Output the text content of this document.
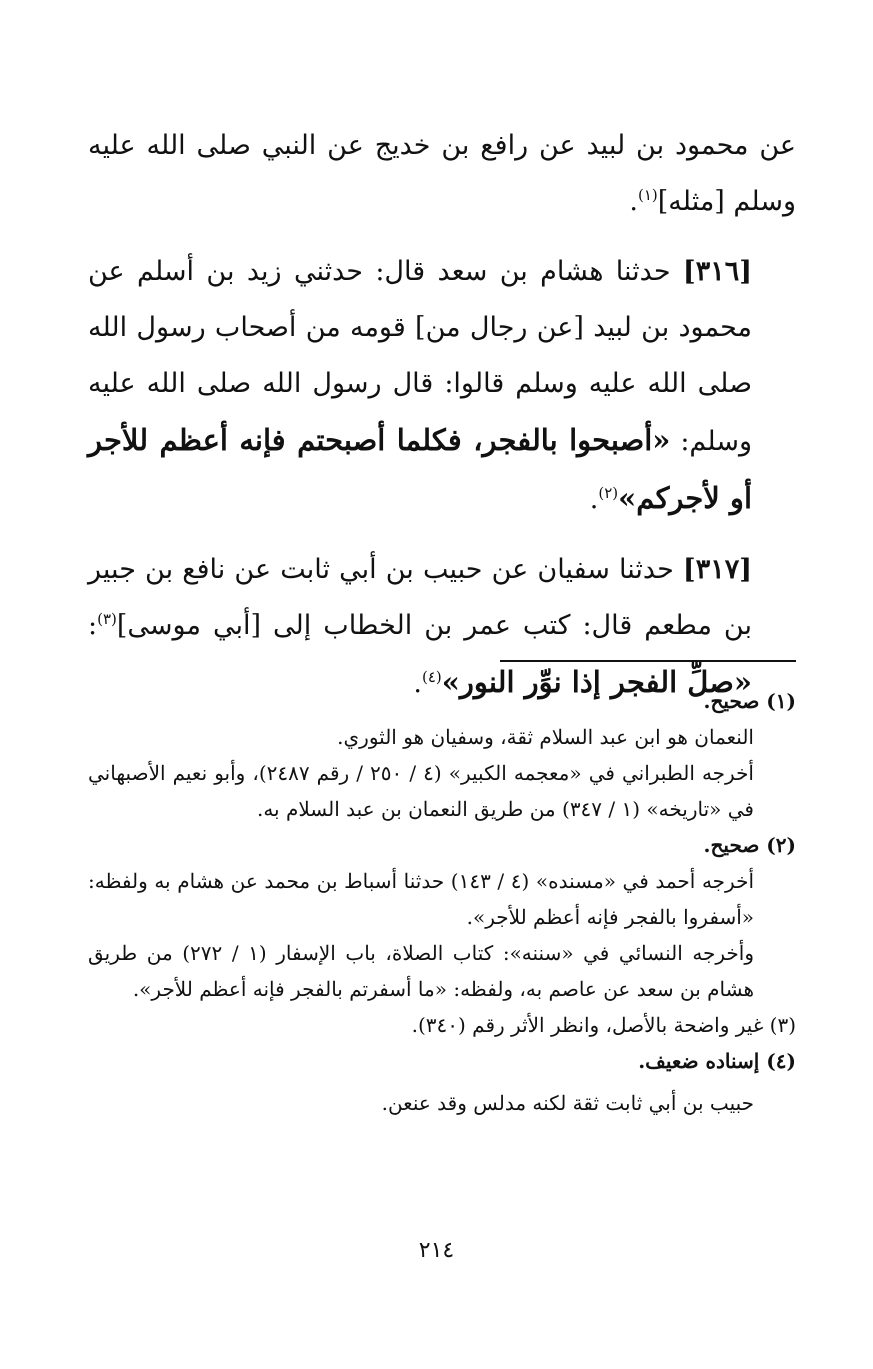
عن محمود بن لبيد عن رافع بن خديج عن النبي صلى الله عليه وسلم [مثله]$^{(١)}$.

[٣١٦] حدثنا هشام بن سعد قال: حدثني زيد بن أسلم عن محمود بن لبيد [عن رجال من] قومه من أصحاب رسول الله صلى الله عليه وسلم قالوا: قال رسول الله صلى الله عليه وسلم: «أصبحوا بالفجر، فكلما أصبحتم فإنه أعظم للأجر أو لأجركم»$^{(٢)}$.

[٣١٧] حدثنا سفيان عن حبيب بن أبي ثابت عن نافع بن جبير بن مطعم قال: كتب عمر بن الخطاب إلى [أبي موسى]$^{(٣)}$: «صلِّ الفجر إذا نوِّر النور»$^{(٤)}$.

(١) صحيح.

النعمان هو ابن عبد السلام ثقة، وسفيان هو الثوري.

أخرجه الطبراني في «معجمه الكبير» (٤ / ٢٥٠ / رقم ٢٤٨٧)، وأبو نعيم الأصبهاني في «تاريخه» (١ / ٣٤٧) من طريق النعمان بن عبد السلام به.

(٢) صحيح.

أخرجه أحمد في «مسنده» (٤ / ١٤٣) حدثنا أسباط بن محمد عن هشام به ولفظه: «أسفروا بالفجر فإنه أعظم للأجر».

وأخرجه النسائي في «سننه»: كتاب الصلاة، باب الإسفار (١ / ٢٧٢) من طريق هشام بن سعد عن عاصم به، ولفظه: «ما أسفرتم بالفجر فإنه أعظم للأجر».

(٣) غير واضحة بالأصل، وانظر الأثر رقم (٣٤٠).

(٤) إسناده ضعيف.

حبيب بن أبي ثابت ثقة لكنه مدلس وقد عنعن.

٢١٤
